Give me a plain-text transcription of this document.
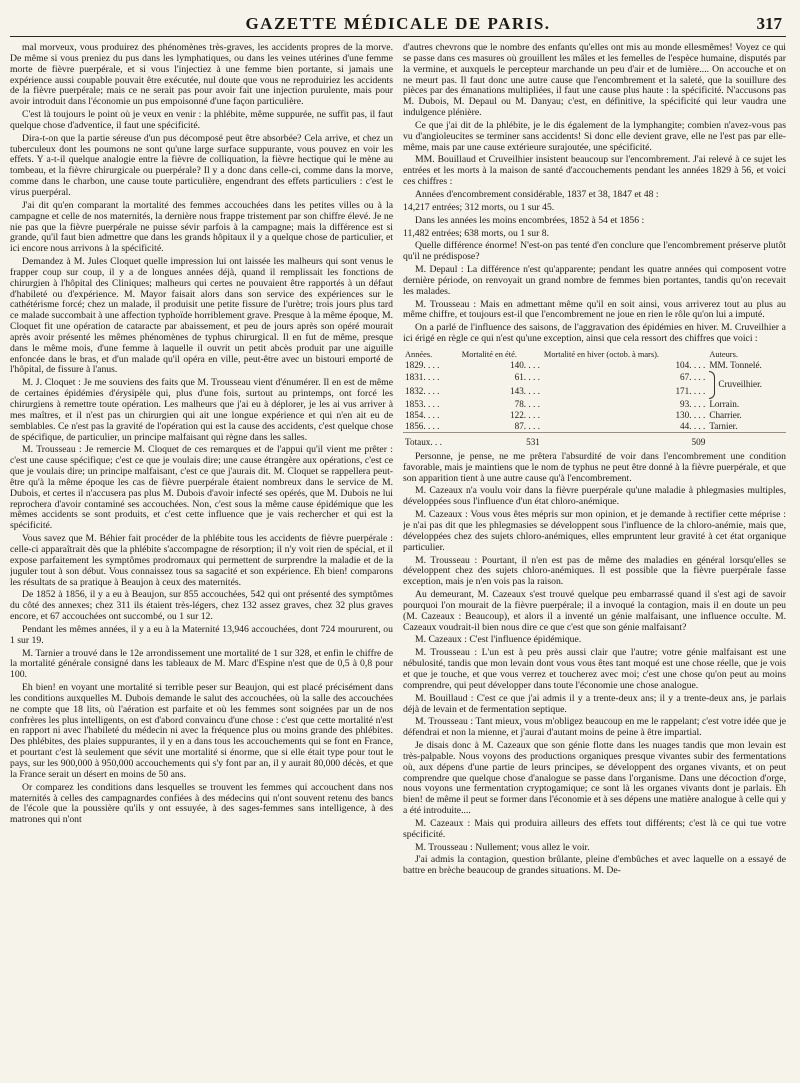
GAZETTE MÉDICALE DE PARIS.	317

mal morveux, vous produirez des phénomènes très-graves, les accidents propres de la morve. De même si vous preniez du pus dans les lymphatiques, ou dans les veines utérines d'une femme morte de fièvre puerpérale, et si vous l'injectiez à une femme bien portante, si jamais une expérience aussi coupable pouvait être exécutée, nul doute que vous ne reproduiriez les accidents de la fièvre puerpérale; mais ce ne serait pas pour avoir fait une injection purulente, mais pour avoir introduit dans l'économie un pus empoisonné d'une façon particulière.

C'est là toujours le point où je veux en venir : la phlébite, même suppurée, ne suffit pas, il faut quelque chose d'adventice, il faut une spécificité.

Dira-t-on que la partie séreuse d'un pus décomposé peut être absorbée? Cela arrive, et chez un tuberculeux dont les poumons ne sont qu'une large surface suppurante, vous pouvez en voir les effets. Y a-t-il quelque analogie entre la fièvre de colliquation, la fièvre hectique qui le mène au tombeau, et la fièvre chirurgicale ou puerpérale? Il y a donc dans celle-ci, comme dans la morve, comme dans le charbon, une cause toute particulière, engendrant des effets particuliers : c'est le virus puerpéral.

J'ai dit qu'en comparant la mortalité des femmes accouchées dans les petites villes ou à la campagne et celle de nos maternités, la dernière nous frappe tristement par son chiffre élevé. Je ne nie pas que la fièvre puerpérale ne puisse sévir parfois à la campagne; mais la différence est si grande, qu'il faut bien admettre que dans les grands hôpitaux il y a quelque chose de particulier, et ici encore nous arrivons à la spécificité.

Demandez à M. Jules Cloquet quelle impression lui ont laissée les malheurs qui sont venus le frapper coup sur coup, il y a de longues années déjà, quand il remplissait les fonctions de chirurgien à l'hôpital des Cliniques; malheurs qui certes ne pouvaient être rapportés à un défaut d'habileté ou d'expérience. M. Mayor faisait alors dans son service des expériences sur le cathétérisme forcé; chez un malade, il produisit une petite fissure de l'urètre; trois jours plus tard ce malade succombait à une affection typhoïde horriblement grave. Presque à la même époque, M. Cloquet fit une opération de cataracte par abaissement, et peu de jours après son opéré mourait après avoir présenté les mêmes phénomènes de typhus chirurgical. Il en fut de même, presque dans le même mois, d'une femme à laquelle il ouvrit un petit abcès produit par une aiguille enfoncée dans le bras, et d'un malade qu'il opéra en ville, peut-être avec un bistouri emporté de l'hôpital, de fissure à l'anus.

M. J. Cloquet : Je me souviens des faits que M. Trousseau vient d'énumérer. Il en est de même de certaines épidémies d'érysipèle qui, plus d'une fois, surtout au printemps, ont forcé les chirurgiens à remettre toute opération. Les malheurs que j'ai eu à déplorer, je les ai vus arriver à mes maîtres, et il n'est pas un chirurgien qui ait une longue expérience et qui n'en ait eu de semblables. Ce n'est pas la gravité de l'opération qui est la cause des accidents, c'est quelque chose de spécifique, de particulier, un principe malfaisant qui règne dans les salles.

M. Trousseau : Je remercie M. Cloquet de ces remarques et de l'appui qu'il vient me prêter : c'est une cause spécifique; c'est ce que je voulais dire; une cause étrangère aux opérations, c'est ce que je voulais dire; un principe malfaisant, c'est ce que j'aurais dit. M. Cloquet se rappellera peut-être qu'à la même époque les cas de fièvre puerpérale étaient nombreux dans le service de M. Dubois, et certes il n'accusera pas plus M. Dubois d'avoir infecté ses opérés, que M. Dubois ne lui reprochera d'avoir contaminé ses accouchées. Non, c'est sous la même cause épidémique que les mêmes accidents se sont produits, et c'est cette influence que je vais rechercher et qui est la spécificité.

Vous savez que M. Béhier fait procéder de la phlébite tous les accidents de fièvre puerpérale : celle-ci apparaîtrait dès que la phlébite s'accompagne de résorption; il n'y voit rien de spécial, et il expose parfaitement les symptômes prodromaux qui permettent de surprendre la maladie et de la juguler tout à son début. Vous connaissez tous sa sagacité et son expérience. Eh bien! comparons les résultats de sa pratique à Beaujon à ceux des maternités.

De 1852 à 1856, il y a eu à Beaujon, sur 855 accouchées, 542 qui ont présenté des symptômes du côté des annexes; chez 311 ils étaient très-légers, chez 132 assez graves, chez 32 plus graves encore, et 67 accouchées ont succombé, ou 1 sur 12.

Pendant les mêmes années, il y a eu à la Maternité 13,946 accouchées, dont 724 moururent, ou 1 sur 19.

M. Tarnier a trouvé dans le 12e arrondissement une mortalité de 1 sur 328, et enfin le chiffre de la mortalité générale consigné dans les tableaux de M. Marc d'Espine n'est que de 0,5 à 0,8 pour 100.

Eh bien! en voyant une mortalité si terrible peser sur Beaujon, qui est placé précisément dans les conditions auxquelles M. Dubois demande le salut des accouchées, où la salle des accouchées ne compte que 18 lits, où l'aération est parfaite et où les femmes sont soignées par un de nos confrères les plus intelligents, on est d'abord convaincu d'une chose : c'est que cette mortalité n'est en rapport ni avec l'habileté du médecin ni avec la fréquence plus ou moins grande des phlébites. Des phlébites, des plaies suppurantes, il y en a dans tous les accouchements qui se font en France, et pourtant c'est là seulement que sévit une mortalité si énorme, que si elle était type pour tout le pays, sur les 900,000 à 950,000 accouchements qui s'y font par an, il y aurait 80,000 décès, et que la France serait un désert en moins de 50 ans.

Or comparez les conditions dans lesquelles se trouvent les femmes qui accouchent dans nos maternités à celles des campagnardes confiées à des médecins qui n'ont souvent retenu des bancs de l'école que la poussière qu'ils y ont essuyée, à des sages-femmes sans intelligence, à des matrones qui n'ont

d'autres chevrons que le nombre des enfants qu'elles ont mis au monde ellesmêmes! Voyez ce qui se passe dans ces masures où grouillent les mâles et les femelles de l'espèce humaine, disputés par la vermine, et auxquels le percepteur marchande un peu d'air et de lumière.... On accouche et on ne meurt pas. Il faut donc une autre cause que l'encombrement et la saleté, que la souillure des pièces par des émanations multipliées, il faut une cause plus haute : la spécificité. N'accusons pas M. Dubois, M. Depaul ou M. Danyau; c'est, en définitive, la spécificité qui leur vaudra une indulgence plénière.

Ce que j'ai dit de la phlébite, je le dis également de la lymphangite; combien n'avez-vous pas vu d'angioleucites se terminer sans accidents! Si donc elle devient grave, elle ne l'est pas par elle-même, mais par une cause extérieure surajoutée, une spécificité.

MM. Bouillaud et Cruveilhier insistent beaucoup sur l'encombrement. J'ai relevé à ce sujet les entrées et les morts à la maison de santé d'accouchements pendant les années 1829 à 56, et voici ces chiffres :

Années d'encombrement considérable, 1837 et 38, 1847 et 48 :

14,217 entrées; 312 morts, ou 1 sur 45.

Dans les années les moins encombrées, 1852 à 54 et 1856 :

11,482 entrées; 638 morts, ou 1 sur 8.

Quelle différence énorme! N'est-on pas tenté d'en conclure que l'encombrement préserve plutôt qu'il ne prédispose?

M. Depaul : La différence n'est qu'apparente; pendant les quatre années qui composent votre dernière période, on renvoyait un grand nombre de femmes bien portantes, tandis qu'on recevait les malades.

M. Trousseau : Mais en admettant même qu'il en soit ainsi, vous arriverez tout au plus au même chiffre, et toujours est-il que l'encombrement ne joue en rien le rôle qu'on lui a imputé.

On a parlé de l'influence des saisons, de l'aggravation des épidémies en hiver. M. Cruveilhier a ici érigé en règle ce qui n'est qu'une exception, ainsi que cela ressort des chiffres que voici :

Années.	Mortalité en été.	Mortalité en hiver (octob. à mars).	Auteurs.
1829. . . .	140. . . .	104. . . .	MM. Tonnelé.
1831. . . .	61. . . .	67. . . .	Cruveilhier.
1832. . . .	143. . . .	171. . . .	
1853. . . .	78. . . .	93. . . .	Lorrain.
1854. . . .	122. . . .	130. . . .	Charrier.
1856. . . .	87. . . .	44. . . .	Tarnier.
Totaux. . .	531	509	

Personne, je pense, ne me prêtera l'absurdité de voir dans l'encombrement une condition favorable, mais je maintiens que le nom de typhus ne peut être donné à la fièvre puerpérale, et que son apparition tient à une autre cause qu'à l'encombrement.

M. Cazeaux n'a voulu voir dans la fièvre puerpérale qu'une maladie à phlegmasies multiples, développées sous l'influence d'un état chloro-anémique.

M. Cazeaux : Vous vous êtes mépris sur mon opinion, et je demande à rectifier cette méprise : je n'ai pas dit que les phlegmasies se développent sous l'influence de la chloro-anémie, mais que, développées chez des sujets chloro-anémiques, elles empruntent leur gravité à cet état organique particulier.

M. Trousseau : Pourtant, il n'en est pas de même des maladies en général lorsqu'elles se développent chez des sujets chloro-anémiques. Il est possible que la fièvre puerpérale fasse exception, mais je n'en vois pas la raison.

Au demeurant, M. Cazeaux s'est trouvé quelque peu embarrassé quand il s'est agi de savoir pourquoi l'on mourait de la fièvre puerpérale; il a invoqué la contagion, mais il en doute un peu (M. Cazeaux : Beaucoup), et alors il a inventé un génie malfaisant, une influence occulte. M. Cazeaux voudrait-il bien nous dire ce que c'est que son génie malfaisant?

M. Cazeaux : C'est l'influence épidémique.

M. Trousseau : L'un est à peu près aussi clair que l'autre; votre génie malfaisant est une nébulosité, tandis que mon levain dont vous vous êtes tant moqué est une chose réelle, que je vois et que je touche, et que vous verrez et toucherez avec moi; c'est une chose qu'on peut au moins comprendre, qui peut développer dans toute l'économie une chose analogue.

M. Bouillaud : C'est ce que j'ai admis il y a trente-deux ans; il y a trente-deux ans, je parlais déjà de levain et de fermentation septique.

M. Trousseau : Tant mieux, vous m'obligez beaucoup en me le rappelant; c'est votre idée que je défendrai et non la mienne, et j'aurai d'autant moins de peine à être impartial.

Je disais donc à M. Cazeaux que son génie flotte dans les nuages tandis que mon levain est très-palpable. Nous voyons des productions organiques presque vivantes subir des fermentations où, aux dépens d'une partie de leurs principes, se développent des organes vivants, et on peut comprendre que quelque chose d'analogue se passe dans l'organisme. Dans une décoction d'orge, nous voyons une fermentation cryptogamique; ce sont là les organes vivants dont je parlais. Eh bien! de même il peut se former dans l'économie et à ses dépens une matière analogue à celle qui y a été introduite....

M. Cazeaux : Mais qui produira ailleurs des effets tout différents; c'est là ce qui tue votre spécificité.

M. Trousseau : Nullement; vous allez le voir.

J'ai admis la contagion, question brûlante, pleine d'embûches et avec laquelle on a essayé de battre en brèche beaucoup de grandes situations. M. De-
